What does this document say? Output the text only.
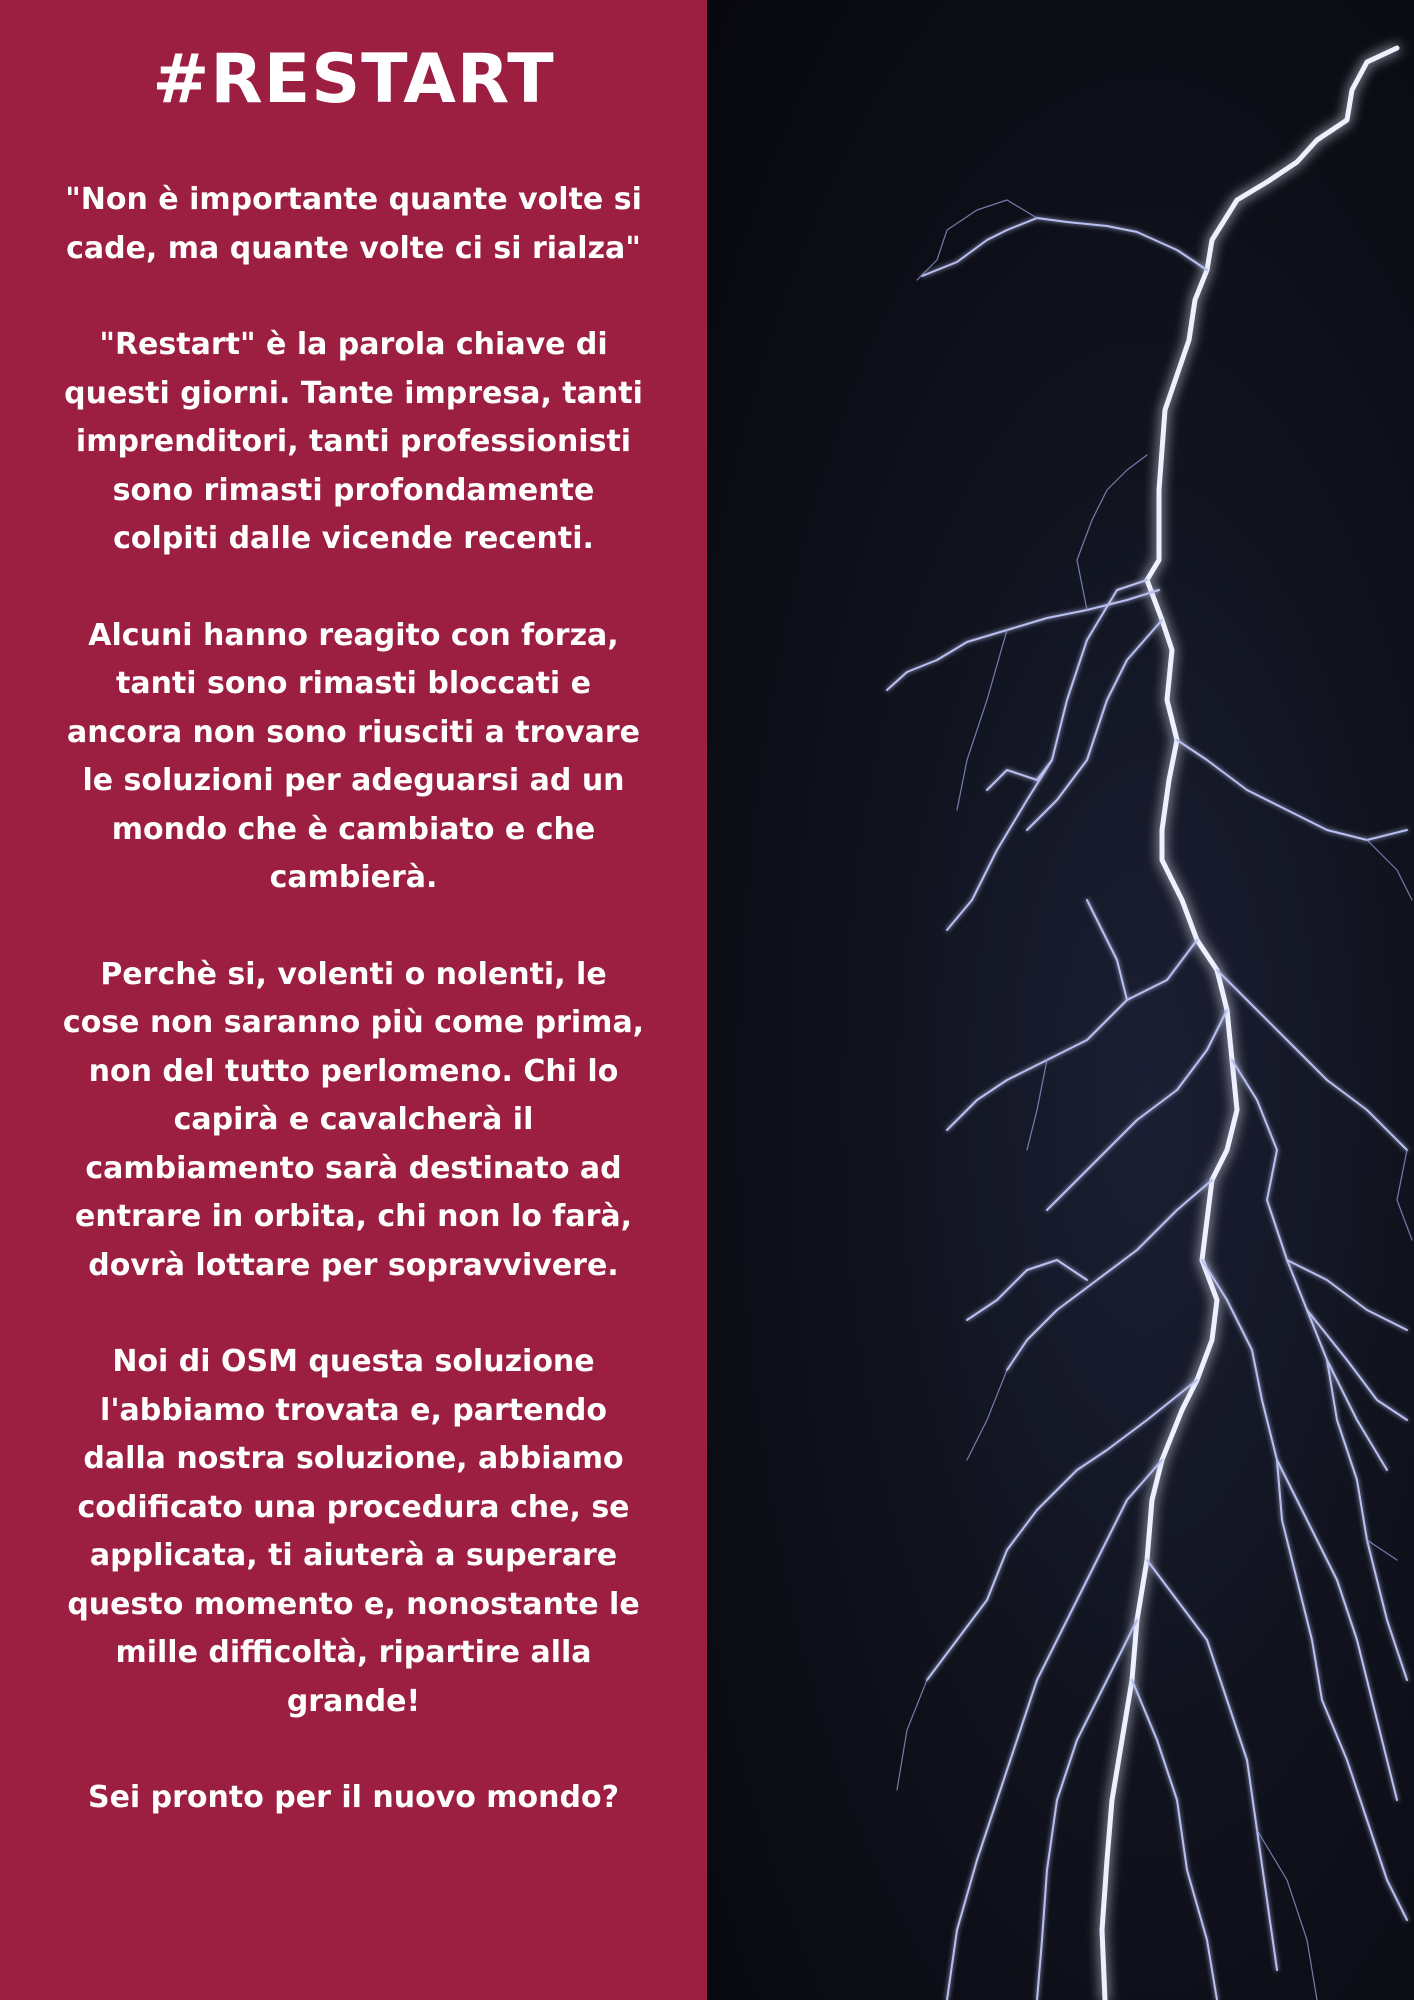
#RESTART

"Non è importante quante volte si cade, ma quante volte ci si rialza"

"Restart" è la parola chiave di questi giorni. Tante impresa, tanti imprenditori, tanti professionisti sono rimasti profondamente colpiti dalle vicende recenti.

Alcuni hanno reagito con forza, tanti sono rimasti bloccati e ancora non sono riusciti a trovare le soluzioni per adeguarsi ad un mondo che è cambiato e che cambierà.

Perchè si, volenti o nolenti, le cose non saranno più come prima, non del tutto perlomeno. Chi lo capirà e cavalcherà il cambiamento sarà destinato ad entrare in orbita, chi non lo farà, dovrà lottare per sopravvivere.

Noi di OSM questa soluzione l'abbiamo trovata e, partendo dalla nostra soluzione, abbiamo codificato una procedura che, se applicata, ti aiuterà a superare questo momento e, nonostante le mille difficoltà, ripartire alla grande!

Sei pronto per il nuovo mondo?
